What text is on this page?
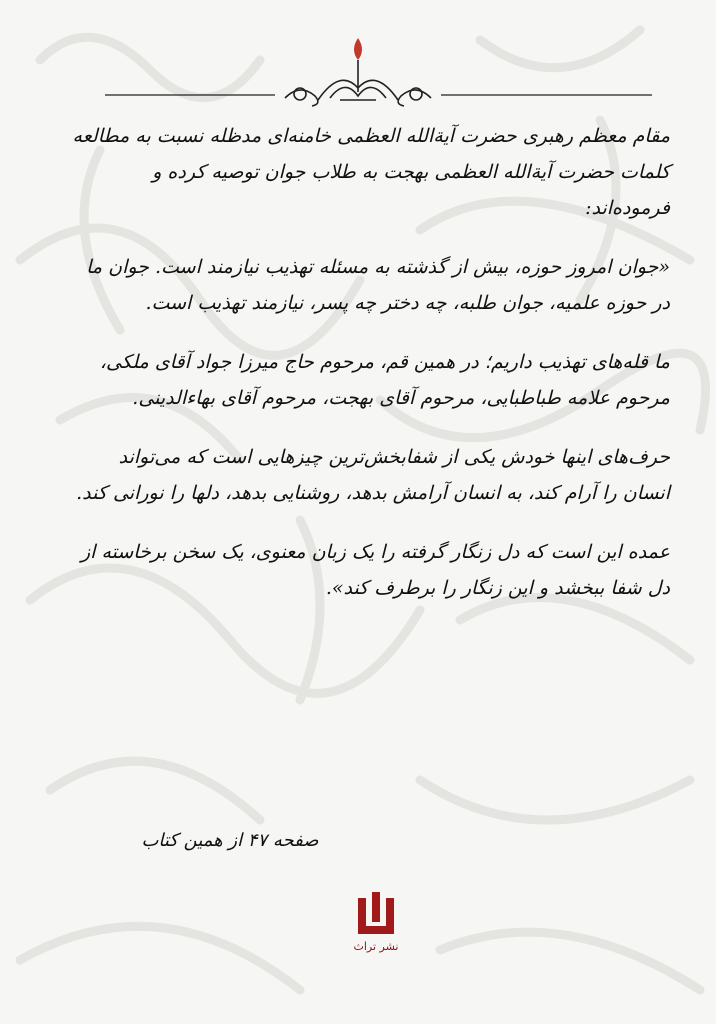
مقام معظم رهبری حضرت آیة‌الله العظمی خامنه‌ای مدظله نسبت به مطالعه کلمات حضرت آیة‌الله العظمی بهجت به طلاب جوان توصیه کرده و فرموده‌اند:

«جوان امروز حوزه، بیش از گذشته به مسئله تهذیب نیازمند است. جوان ما در حوزه علمیه، جوان طلبه، چه دختر چه پسر، نیازمند تهذیب است.

ما قله‌های تهذیب داریم؛ در همین قم، مرحوم حاج میرزا جواد آقای ملکی، مرحوم علامه طباطبایی، مرحوم آقای بهجت، مرحوم آقای بهاء‌الدینی.

حرف‌های اینها خودش یکی از شفابخش‌ترین چیزهایی است که می‌تواند انسان را آرام کند، به انسان آرامش بدهد، روشنایی بدهد، دلها را نورانی کند.

عمده این است که دل زنگار گرفته را یک زبان معنوی، یک سخن برخاسته از دل شفا ببخشد و این زنگار را برطرف کند».

صفحه ۴۷ از همین کتاب
نشر تراث
